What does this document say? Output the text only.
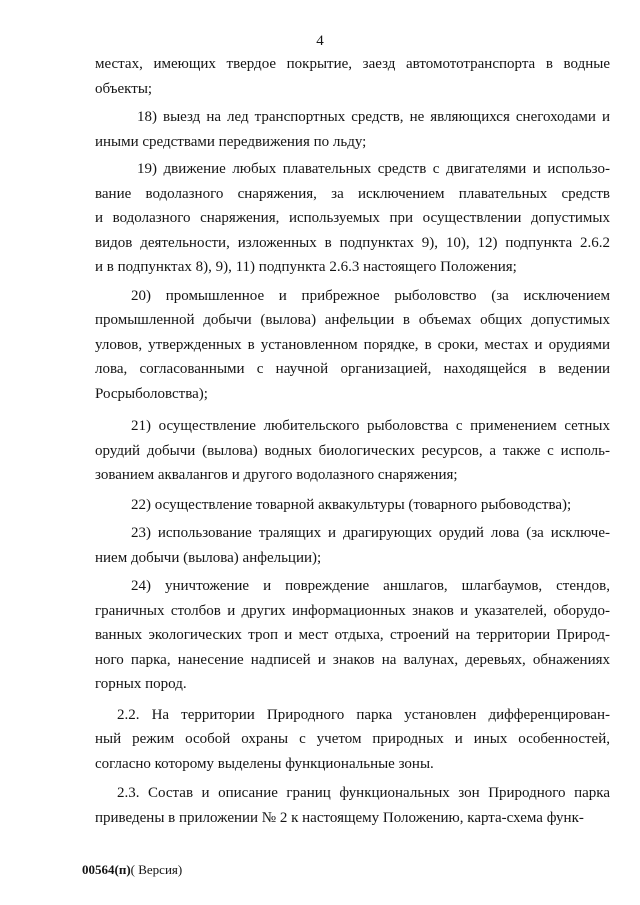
4
местах, имеющих твердое покрытие, заезд автомототранспорта в водные
объекты;
18) выезд на лед транспортных средств, не являющихся снегоходами и
иными средствами передвижения по льду;
19) движение любых плавательных средств с двигателями и использо-
вание водолазного снаряжения, за исключением плавательных средств
и водолазного снаряжения, используемых при осуществлении допустимых
видов деятельности, изложенных в подпунктах 9), 10), 12) подпункта 2.6.2
и в подпунктах 8), 9), 11) подпункта 2.6.3 настоящего Положения;
20) промышленное и прибрежное рыболовство (за исключением
промышленной добычи (вылова) анфельции в объемах общих допустимых
уловов, утвержденных в установленном порядке, в сроки, местах и орудиями
лова, согласованными с научной организацией, находящейся в ведении
Росрыболовства);
21) осуществление любительского рыболовства с применением сетных
орудий добычи (вылова) водных биологических ресурсов, а также с исполь-
зованием аквалангов и другого водолазного снаряжения;
22) осуществление товарной аквакультуры (товарного рыбоводства);
23) использование тралящих и драгирующих орудий лова (за исключе-
нием добычи (вылова) анфельции);
24) уничтожение и повреждение аншлагов, шлагбаумов, стендов,
граничных столбов и других информационных знаков и указателей, оборудо-
ванных экологических троп и мест отдыха, строений на территории Природ-
ного парка, нанесение надписей и знаков на валунах, деревьях, обнажениях
горных пород.
2.2. На территории Природного парка установлен дифференцирован-
ный режим особой охраны с учетом природных и иных особенностей,
согласно которому выделены функциональные зоны.
2.3. Состав и описание границ функциональных зон Природного парка
приведены в приложении № 2 к настоящему Положению, карта-схема функ-
00564(п)( Версия)
